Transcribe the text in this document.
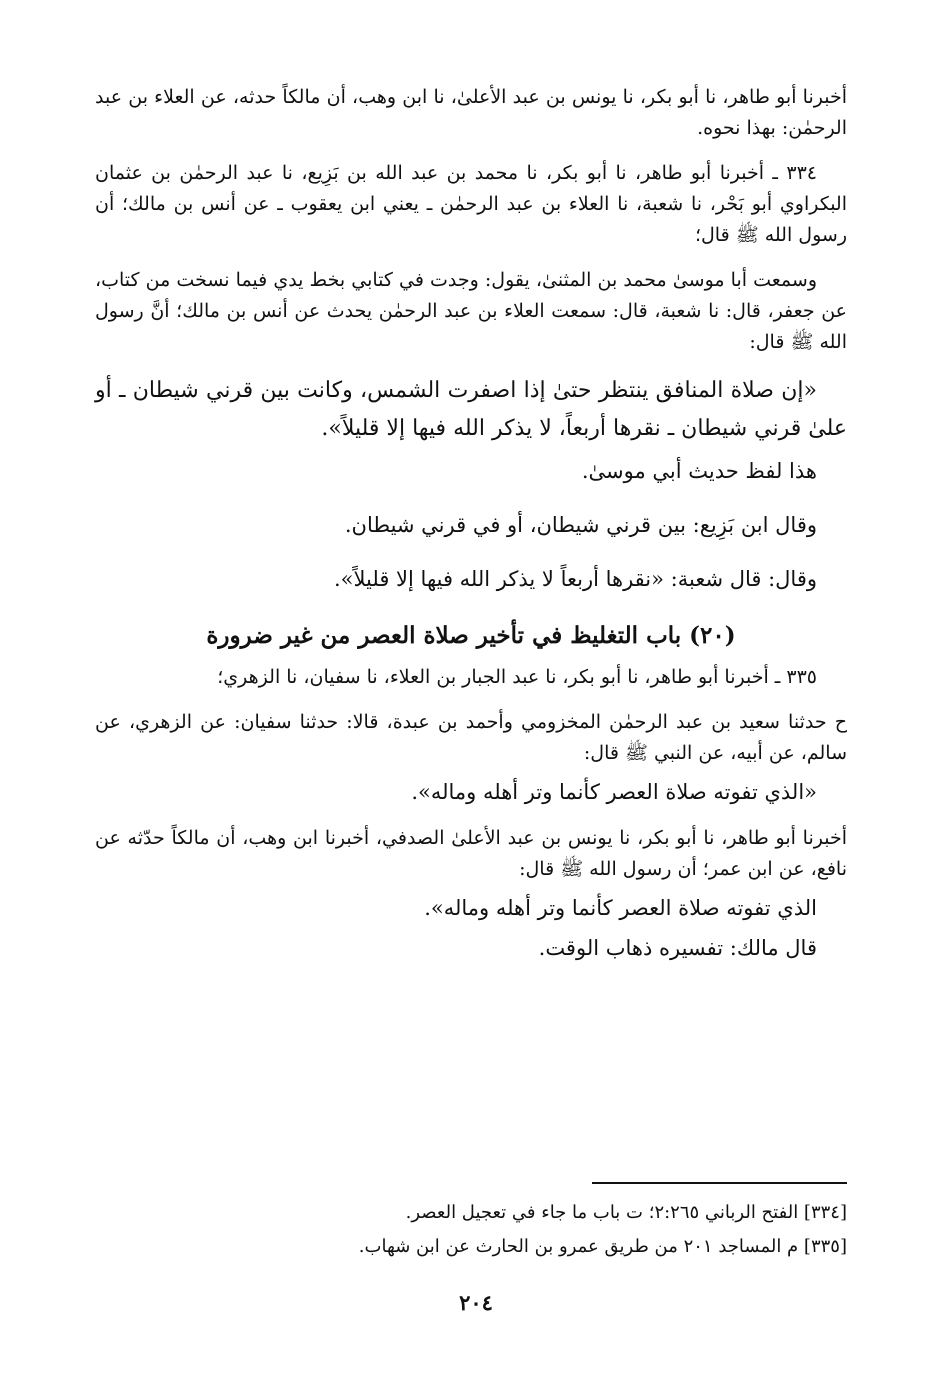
أخبرنا أبو طاهر، نا أبو بكر، نا يونس بن عبد الأعلىٰ، نا ابن وهب، أن مالكاً حدثه، عن العلاء بن عبد الرحمٰن: بهذا نحوه.

٣٣٤ ـ أخبرنا أبو طاهر، نا أبو بكر، نا محمد بن عبد الله بن بَزِيع، نا عبد الرحمٰن بن عثمان البكراوي أبو بَحْر، نا شعبة، نا العلاء بن عبد الرحمٰن ـ يعني ابن يعقوب ـ عن أنس بن مالك؛ أن رسول الله ﷺ قال؛

وسمعت أبا موسىٰ محمد بن المثنىٰ، يقول: وجدت في كتابي بخط يدي فيما نسخت من كتاب، عن جعفر، قال: نا شعبة، قال: سمعت العلاء بن عبد الرحمٰن يحدث عن أنس بن مالك؛ أنَّ رسول الله ﷺ قال:

«إن صلاة المنافق ينتظر حتىٰ إذا اصفرت الشمس، وكانت بين قرني شيطان ـ أو علىٰ قرني شيطان ـ نقرها أربعاً، لا يذكر الله فيها إلا قليلاً».

هذا لفظ حديث أبي موسىٰ.

وقال ابن بَزِيع: بين قرني شيطان، أو في قرني شيطان.

وقال: قال شعبة: «نقرها أربعاً لا يذكر الله فيها إلا قليلاً».

(٢٠) باب التغليظ في تأخير صلاة العصر من غير ضرورة

٣٣٥ ـ أخبرنا أبو طاهر، نا أبو بكر، نا عبد الجبار بن العلاء، نا سفيان، نا الزهري؛

ح حدثنا سعيد بن عبد الرحمٰن المخزومي وأحمد بن عبدة، قالا: حدثنا سفيان: عن الزهري، عن سالم، عن أبيه، عن النبي ﷺ قال:

«الذي تفوته صلاة العصر كأنما وتر أهله وماله».

أخبرنا أبو طاهر، نا أبو بكر، نا يونس بن عبد الأعلىٰ الصدفي، أخبرنا ابن وهب، أن مالكاً حدّثه عن نافع، عن ابن عمر؛ أن رسول الله ﷺ قال:

الذي تفوته صلاة العصر كأنما وتر أهله وماله».

قال مالك: تفسيره ذهاب الوقت.

[٣٣٤] الفتح الرباني ٢:٢٦٥؛ ت باب ما جاء في تعجيل العصر.

[٣٣٥] م المساجد ٢٠١ من طريق عمرو بن الحارث عن ابن شهاب.

٢٠٤
